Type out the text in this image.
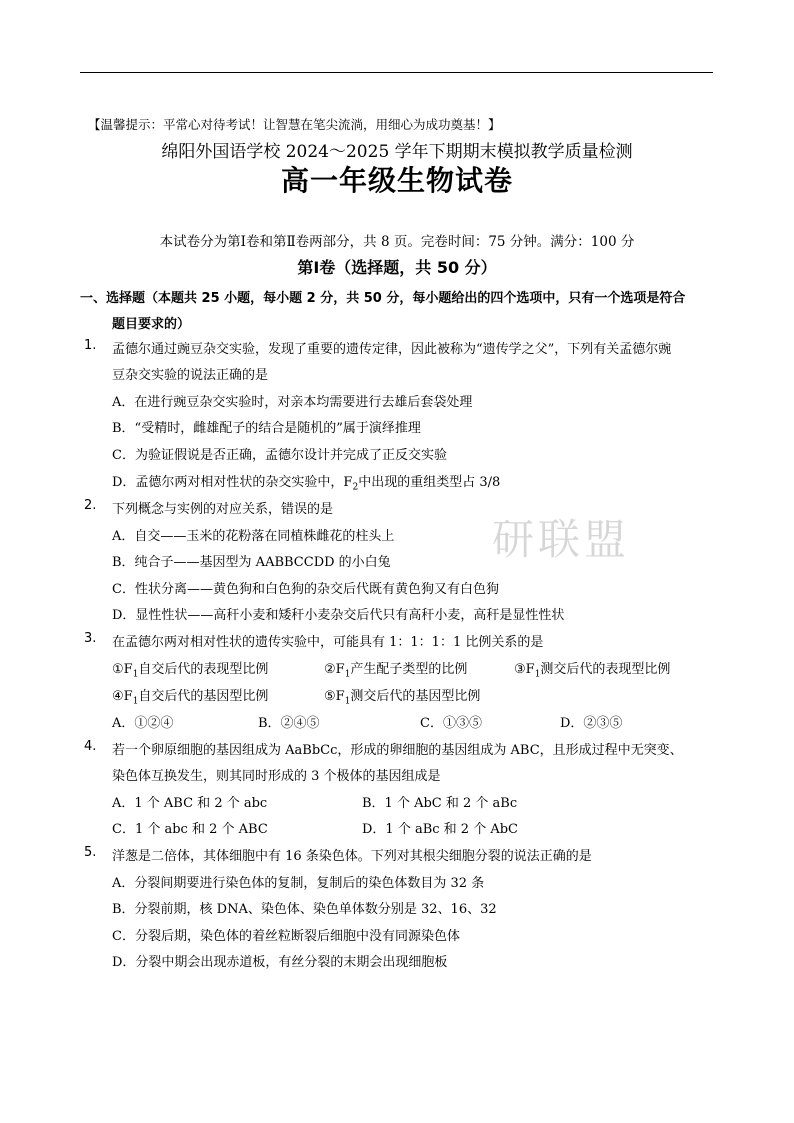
【温馨提示：平常心对待考试！让智慧在笔尖流淌，用细心为成功奠基！】
绵阳外国语学校 2024～2025 学年下期期末模拟教学质量检测
高一年级生物试卷
本试卷分为第Ⅰ卷和第Ⅱ卷两部分，共 8 页。完卷时间：75 分钟。满分：100 分
第Ⅰ卷（选择题，共 50 分）
一、选择题（本题共 25 小题，每小题 2 分，共 50 分，每小题给出的四个选项中，只有一个选项是符合
题目要求的）
研联盟
1. 孟德尔通过豌豆杂交实验，发现了重要的遗传定律，因此被称为“遗传学之父”，下列有关孟德尔豌
豆杂交实验的说法正确的是
A．在进行豌豆杂交实验时，对亲本均需要进行去雄后套袋处理
B．“受精时，雌雄配子的结合是随机的”属于演绎推理
C．为验证假说是否正确，孟德尔设计并完成了正反交实验
D．孟德尔两对相对性状的杂交实验中，$F_2$中出现的重组类型占 3/8
2. 下列概念与实例的对应关系，错误的是
A．自交——玉米的花粉落在同植株雌花的柱头上
B．纯合子——基因型为 AABBCCDD 的小白兔
C．性状分离——黄色狗和白色狗的杂交后代既有黄色狗又有白色狗
D．显性性状——高秆小麦和矮秆小麦杂交后代只有高秆小麦，高秆是显性性状
3. 在孟德尔两对相对性状的遗传实验中，可能具有 1：1：1：1 比例关系的是
$①F_1$自交后代的表现型比例	$②F_1$产生配子类型的比例	$③F_1$测交后代的表现型比例
$④F_1$自交后代的基因型比例	$⑤F_1$测交后代的基因型比例
A．①②④	B．②④⑤	C．①③⑤	D．②③⑤
4. 若一个卵原细胞的基因组成为 AaBbCc，形成的卵细胞的基因组成为 ABC，且形成过程中无突变、
染色体互换发生，则其同时形成的 3 个极体的基因组成是
A．1 个 ABC 和 2 个 abc	B．1 个 AbC 和 2 个 aBc
C．1 个 abc 和 2 个 ABC	D．1 个 aBc 和 2 个 AbC
5. 洋葱是二倍体，其体细胞中有 16 条染色体。下列对其根尖细胞分裂的说法正确的是
A．分裂间期要进行染色体的复制，复制后的染色体数目为 32 条
B．分裂前期，核 DNA、染色体、染色单体数分别是 32、16、32
C．分裂后期，染色体的着丝粒断裂后细胞中没有同源染色体
D．分裂中期会出现赤道板，有丝分裂的末期会出现细胞板
